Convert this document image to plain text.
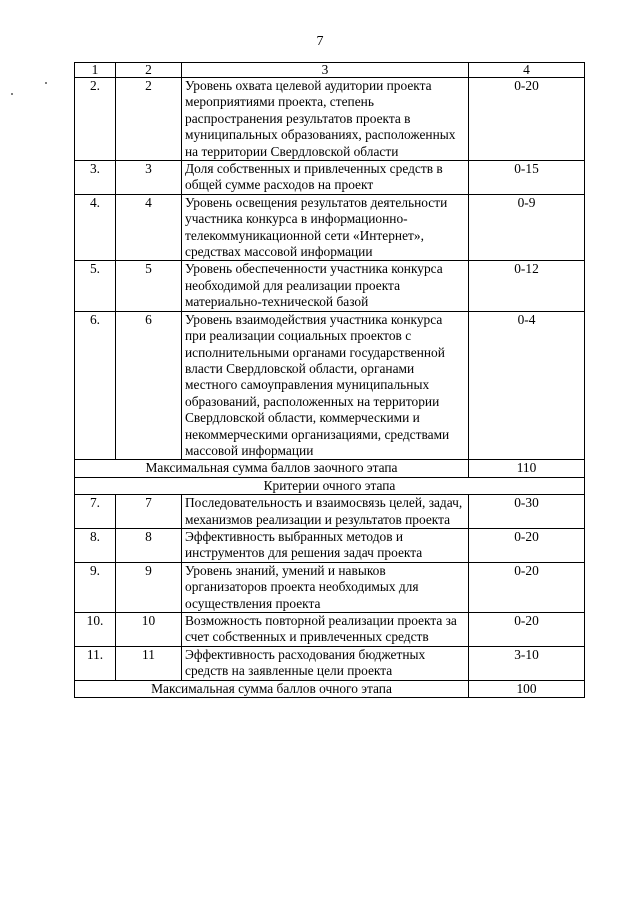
7
1	2	3	4
2.	2	Уровень охвата целевой аудитории проекта мероприятиями проекта, степень распространения результатов проекта в муниципальных образованиях, расположенных на территории Свердловской области	0-20
3.	3	Доля собственных и привлеченных средств в общей сумме расходов на проект	0-15
4.	4	Уровень освещения результатов деятельности участника конкурса в информационно-телекоммуникационной сети «Интернет», средствах массовой информации	0-9
5.	5	Уровень обеспеченности участника конкурса необходимой для реализации проекта материально-технической базой	0-12
6.	6	Уровень взаимодействия участника конкурса при реализации социальных проектов с исполнительными органами государственной власти Свердловской области, органами местного самоуправления муниципальных образований, расположенных на территории Свердловской области, коммерческими и некоммерческими организациями, средствами массовой информации	0-4
Максимальная сумма баллов заочного этапа			110
Критерии очного этапа			
7.	7	Последовательность и взаимосвязь целей, задач, механизмов реализации и результатов проекта	0-30
8.	8	Эффективность выбранных методов и инструментов для решения задач проекта	0-20
9.	9	Уровень знаний, умений и навыков организаторов проекта необходимых для осуществления проекта	0-20
10.	10	Возможность повторной реализации проекта за счет собственных и привлеченных средств	0-20
11.	11	Эффективность расходования бюджетных средств на заявленные цели проекта	3-10
Максимальная сумма баллов очного этапа			100
